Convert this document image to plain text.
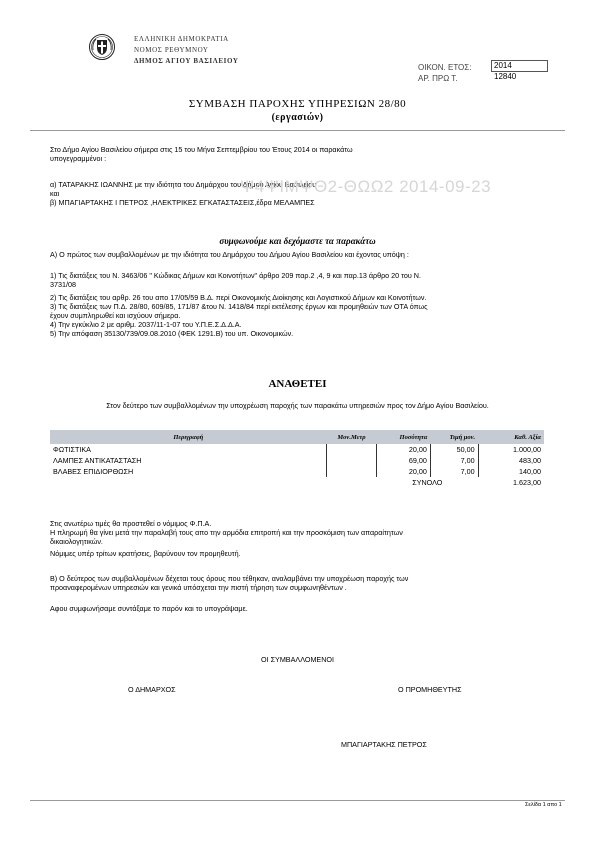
ΕΛΛΗΝΙΚΗ ΔΗΜΟΚΡΑΤΙΑ
ΝΟΜΟΣ ΡΕΘΥΜΝΟΥ
ΔΗΜΟΣ ΑΓΙΟΥ ΒΑΣΙΛΕΙΟΥ
ΟΙΚΟΝ. ΕΤΟΣ:	2014
ΑΡ. ΠΡΩ Τ.	12840
ΣΥΜΒΑΣΗ ΠΑΡΟΧΗΣ ΥΠΗΡΕΣΙΩΝ 28/80
(εργασιών)
Στο Δήμο Αγίου Βασιλείου σήμερα στις 15 του Μήνα Σεπτεμβρίου του Έτους 2014 οι παρακάτω
υπογεγραμμένοι :
α) ΤΑΤΑΡΑΚΗΣ ΙΩΑΝΝΗΣ με την ιδιότητα του Δημάρχου του Δήμου Αγίου Βασιλείου
και
β) ΜΠΑΓΙΑΡΤΑΚΗΣ Ι ΠΕΤΡΟΣ ,ΗΛΕΚΤΡΙΚΕΣ ΕΓΚΑΤΑΣΤΑΣΕΙΣ,έδρα ΜΕΛΑΜΠΕΣ
Ψ4ΨΙΜΨΘ2-ΘΩΩ2 2014-09-23
συμφωνούμε και δεχόμαστε τα παρακάτω
Α) Ο πρώτος των συμβαλλομένων με την ιδιότητα του Δημάρχου του Δήμου Αγίου Βασιλείου και έχοντας υπόψη :
1) Τις διατάξεις του Ν. 3463/06 " Κώδικας Δήμων και Κοινοτήτων" άρθρο 209 παρ.2 ,4, 9 και παρ.13 άρθρο 20 του Ν.
3731/08
2) Τις διατάξεις του αρθρ. 26 του απο 17/05/59 Β.Δ. περί Οικονομικής Διοίκησης και Λογιστικού Δήμων και Κοινοτήτων.
3) Τις διατάξεις των Π.Δ. 28/80, 609/85, 171/87 &του Ν. 1418/84 περί εκτέλεσης έργων και προμηθειών των ΟΤΑ όπως
έχουν συμπληρωθεί και ισχύουν σήμερα.
4) Την εγκύκλιο 2 με αριθμ. 2037/11-1-07 του Υ.Π.Ε.Σ.Δ.Δ.Α.
5) Την απόφαση 35130/739/09.08.2010 (ΦΕΚ 1291.Β) του υπ. Οικονομικών.
ΑΝΑΘΕΤΕΙ
Στον δεύτερο των συμβαλλομένων την υποχρέωση παροχής των παρακάτω υπηρεσιών προς τον Δήμο Αγίου Βασιλείου.
Περιγραφή	Μον.Μετρ	Ποσότητα	Τιμή μον.	Καθ. Αξία
ΦΩΤΙΣΤΙΚΑ		20,00	50,00	1.000,00
ΛΑΜΠΕΣ ΑΝΤΙΚΑΤΑΣΤΑΣΗ		69,00	7,00	483,00
ΒΛΑΒΕΣ ΕΠΙΔΙΟΡΘΩΣΗ		20,00	7,00	140,00
		ΣΥΝΟΛΟ		1.623,00
Στις ανωτέρω τιμές θα προστεθεί ο νόμιμος Φ.Π.Α.
Η πληρωμή θα γίνει μετά την παραλαβή τους απο την αρμόδια επιτροπή και την προσκόμιση των απαραίτητων
δικαιολογητικών.
Νόμιμες υπέρ τρίτων κρατήσεις, βαρύνουν τον προμηθευτή.
Β) Ο δεύτερος των συμβαλλομένων δέχεται τους όρους που τέθηκαν, αναλαμβάνει την υποχρέωση παροχής των
προαναφερομένων υπηρεσιών και γενικά υπόσχεται την πιστή τήρηση των συμφωνηθέντων .
Αφου συμφωνήσαμε συντάξαμε το παρόν και το υπογράψαμε.
ΟΙ ΣΥΜΒΑΛΛΟΜΕΝΟΙ
Ο ΔΗΜΑΡΧΟΣ	Ο ΠΡΟΜΗΘΕΥΤΗΣ
ΜΠΑΓΙΑΡΤΑΚΗΣ ΠΕΤΡΟΣ
Σελίδα 1 απο 1
